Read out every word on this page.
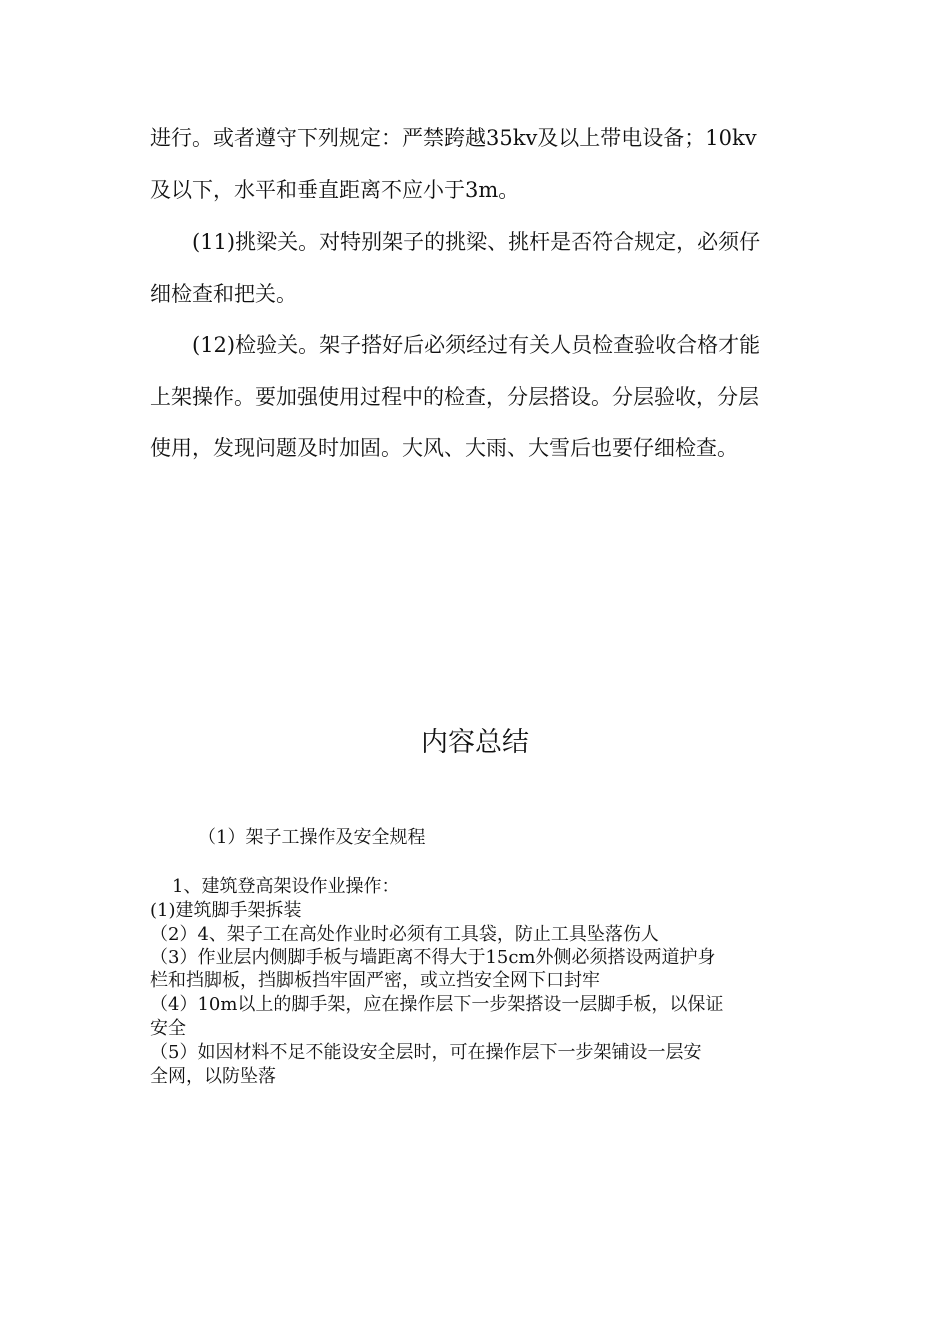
进行。或者遵守下列规定：严禁跨越35kv及以上带电设备；10kv

及以下，水平和垂直距离不应小于3m。

(11)挑梁关。对特别架子的挑梁、挑杆是否符合规定，必须仔

细检查和把关。

(12)检验关。架子搭好后必须经过有关人员检查验收合格才能

上架操作。要加强使用过程中的检查，分层搭设。分层验收，分层

使用，发现问题及时加固。大风、大雨、大雪后也要仔细检查。

内容总结

（1）架子工操作及安全规程

1、建筑登高架设作业操作：

(1)建筑脚手架拆装

（2）4、架子工在高处作业时必须有工具袋，防止工具坠落伤人

（3）作业层内侧脚手板与墙距离不得大于15cm外侧必须搭设两道护身

栏和挡脚板，挡脚板挡牢固严密，或立挡安全网下口封牢

（4）10m以上的脚手架，应在操作层下一步架搭设一层脚手板，以保证

安全

（5）如因材料不足不能设安全层时，可在操作层下一步架铺设一层安

全网，以防坠落
